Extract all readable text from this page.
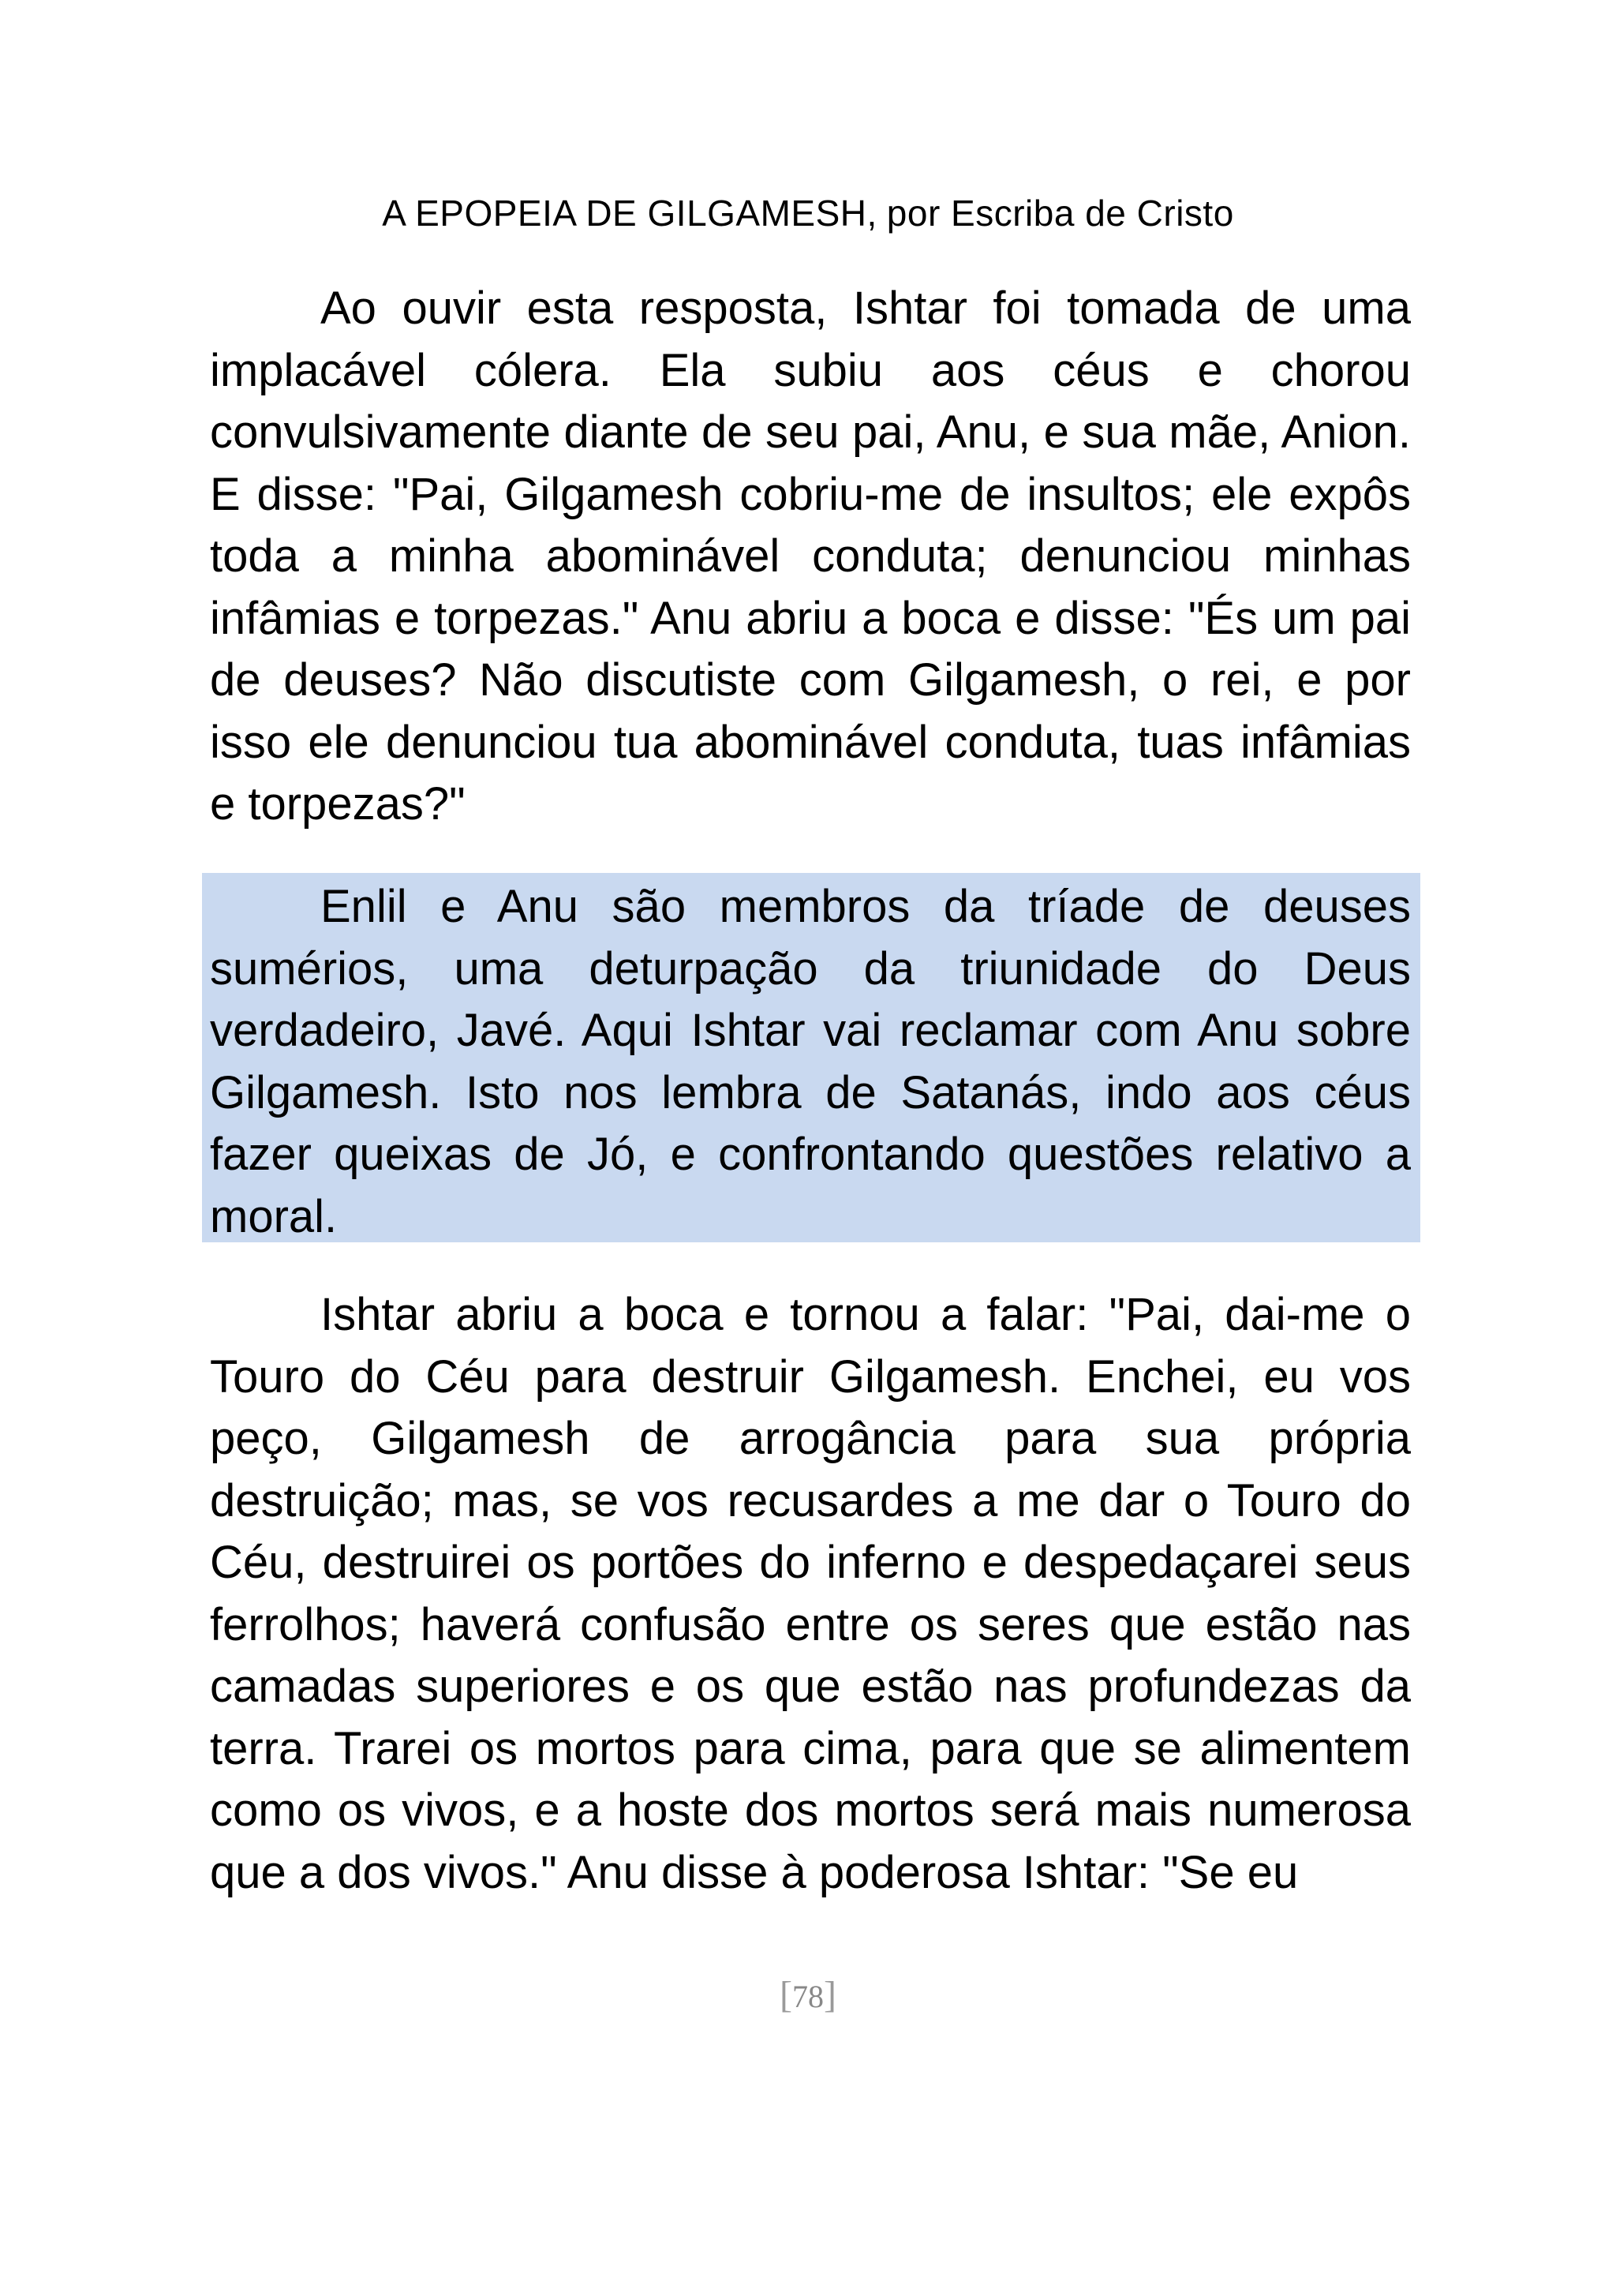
A EPOPEIA DE GILGAMESH, por Escriba de Cristo

Ao ouvir esta resposta, Ishtar foi tomada de uma implacável cólera. Ela subiu aos céus e chorou convulsivamente diante de seu pai, Anu, e sua mãe, Anion. E disse: "Pai, Gilgamesh cobriu-me de insultos; ele expôs toda a minha abominável conduta; denunciou minhas infâmias e torpezas." Anu abriu a boca e disse: "És um pai de deuses? Não discutiste com Gilgamesh, o rei, e por isso ele denunciou tua abominável conduta, tuas infâmias e torpezas?"

Enlil e Anu são membros da tríade de deuses sumérios, uma deturpação da triunidade do Deus verdadeiro, Javé. Aqui Ishtar vai reclamar com Anu sobre Gilgamesh. Isto nos lembra de Satanás, indo aos céus fazer queixas de Jó, e confrontando questões relativo a moral.

Ishtar abriu a boca e tornou a falar: "Pai, dai-me o Touro do Céu para destruir Gilgamesh. Enchei, eu vos peço, Gilgamesh de arrogância para sua própria destruição; mas, se vos recusardes a me dar o Touro do Céu, destruirei os portões do inferno e despedaçarei seus ferrolhos; haverá confusão entre os seres que estão nas camadas superiores e os que estão nas profundezas da terra. Trarei os mortos para cima, para que se alimentem como os vivos, e a hoste dos mortos será mais numerosa que a dos vivos." Anu disse à poderosa Ishtar: "Se eu

[78]
